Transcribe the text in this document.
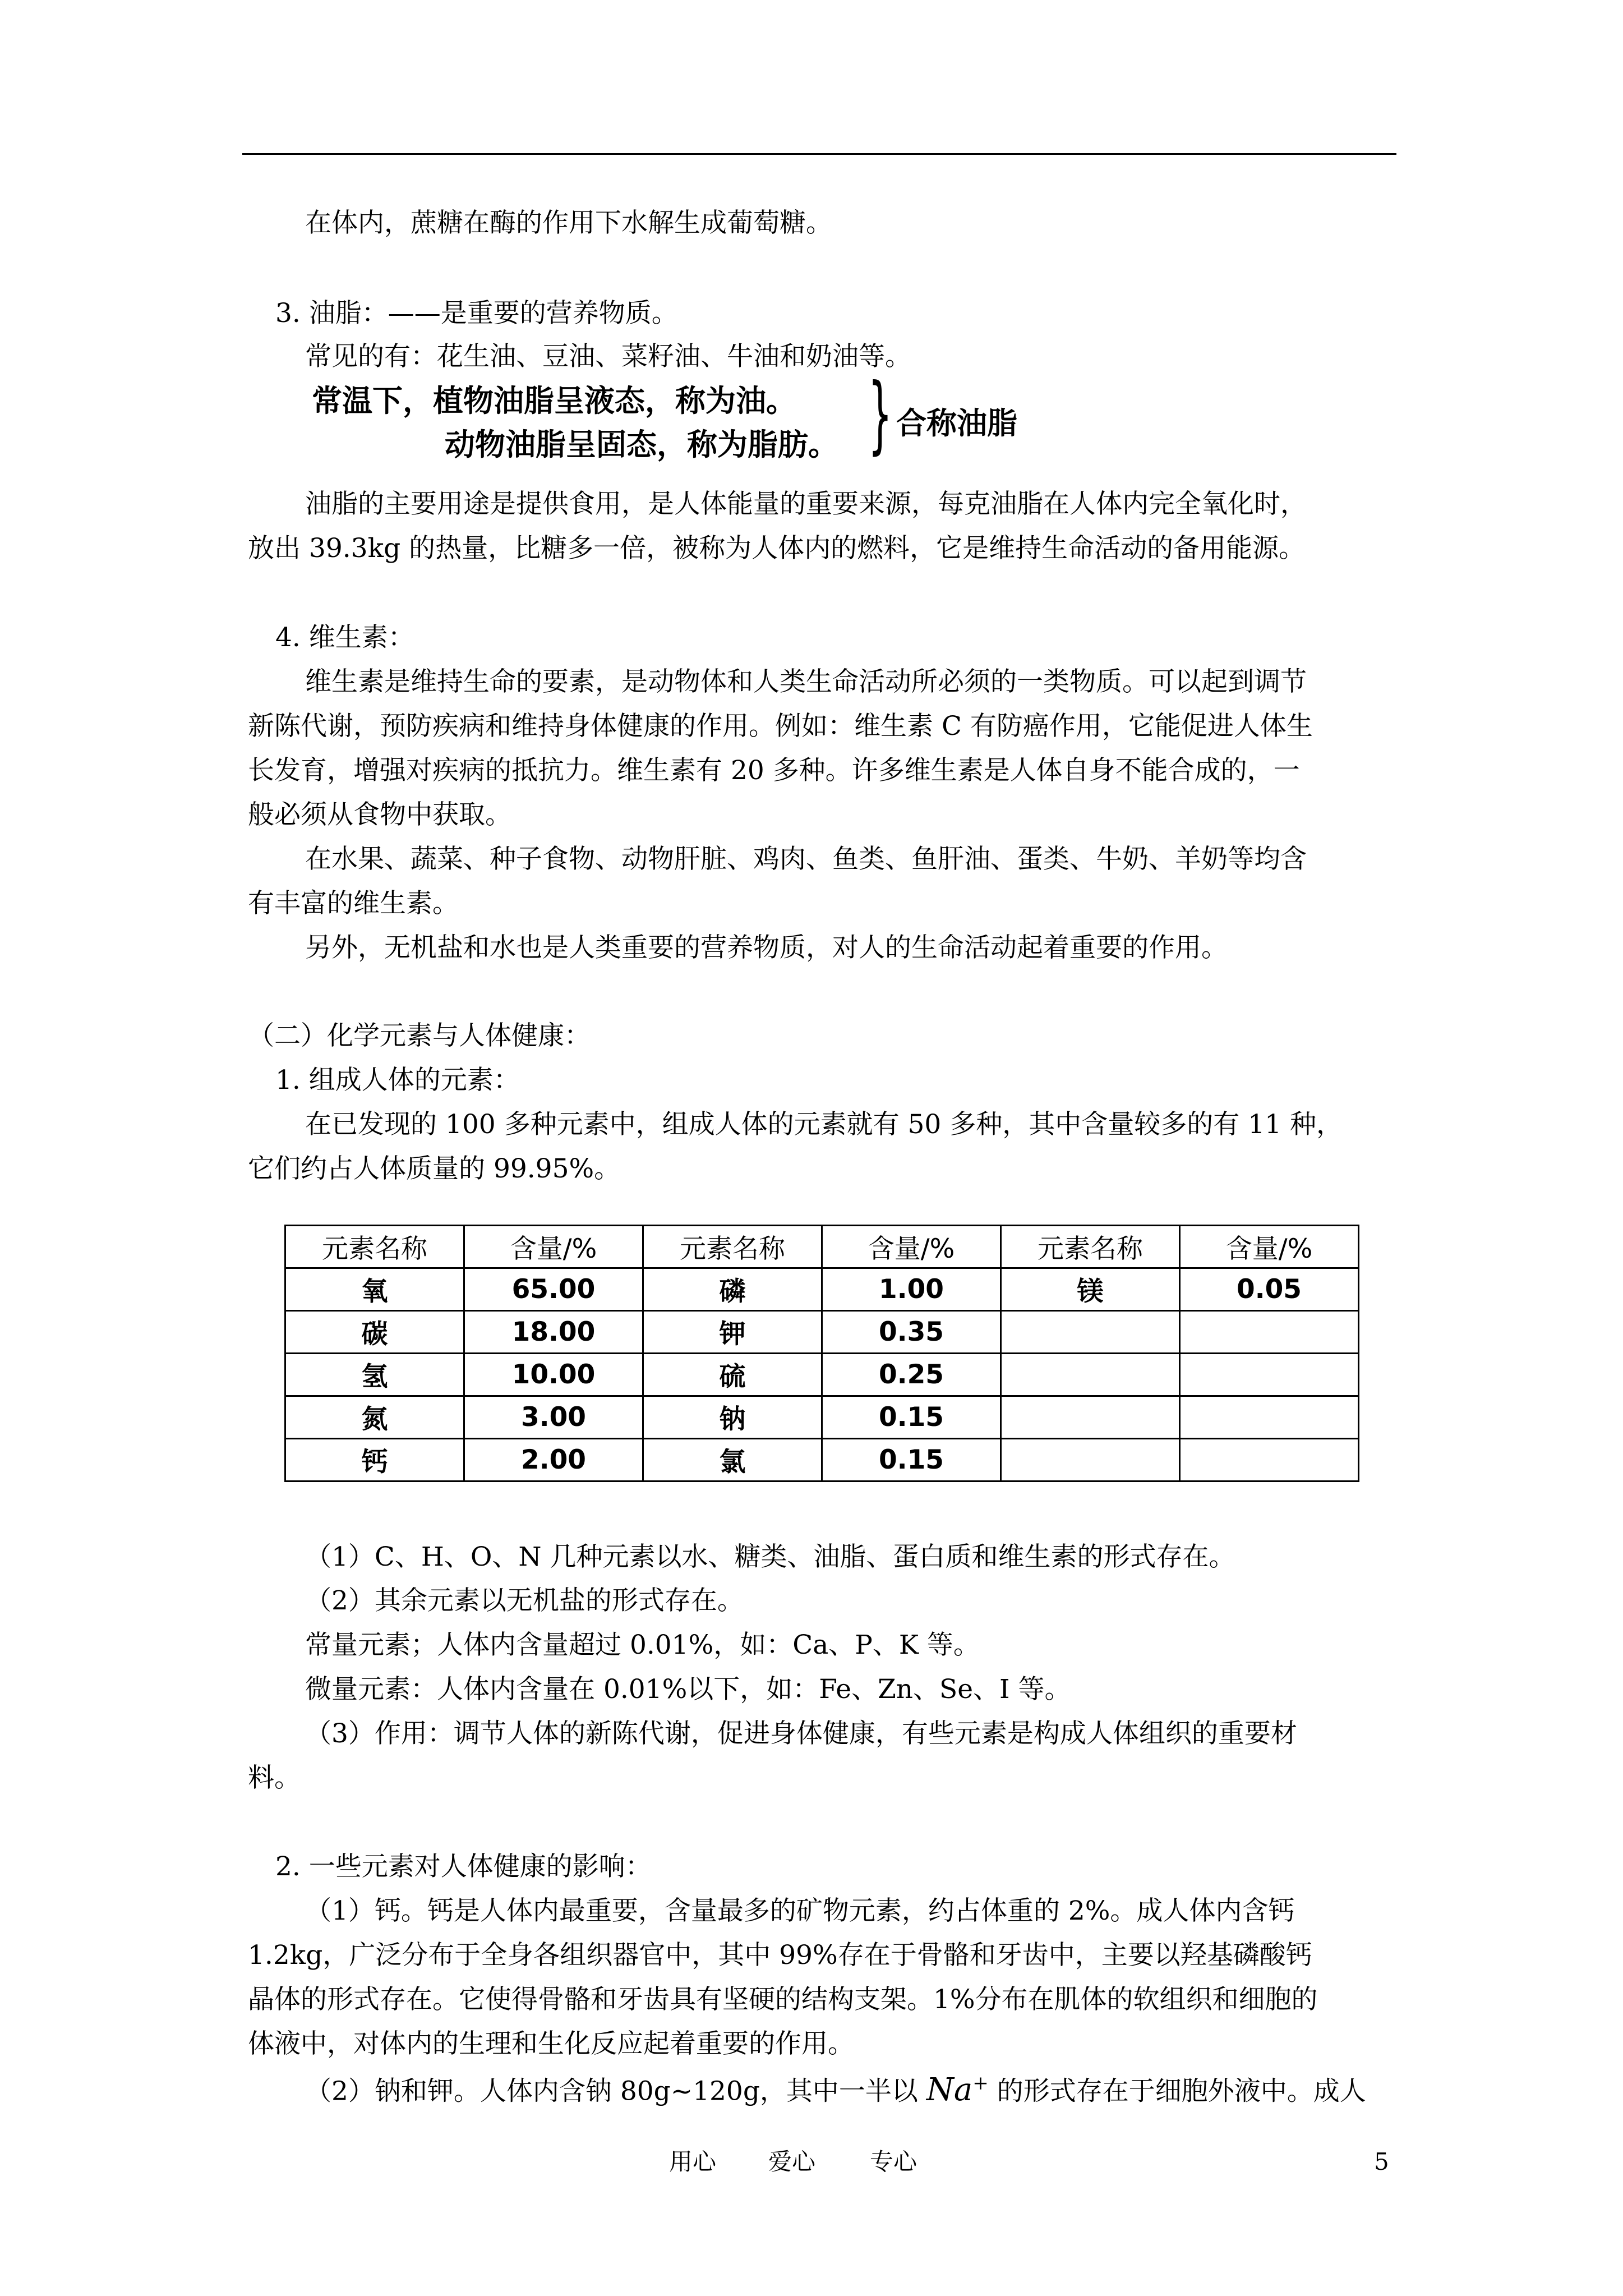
在体内，蔗糖在酶的作用下水解生成葡萄糖。
3. 油脂：——是重要的营养物质。
常见的有：花生油、豆油、菜籽油、牛油和奶油等。
常温下，植物油脂呈液态，称为油。
动物油脂呈固态，称为脂肪。 } 合称油脂
油脂的主要用途是提供食用，是人体能量的重要来源，每克油脂在人体内完全氧化时，
放出 39.3kg 的热量，比糖多一倍，被称为人体内的燃料，它是维持生命活动的备用能源。
4. 维生素：
维生素是维持生命的要素，是动物体和人类生命活动所必须的一类物质。可以起到调节
新陈代谢，预防疾病和维持身体健康的作用。例如：维生素 C 有防癌作用，它能促进人体生
长发育，增强对疾病的抵抗力。维生素有 20 多种。许多维生素是人体自身不能合成的，一
般必须从食物中获取。
在水果、蔬菜、种子食物、动物肝脏、鸡肉、鱼类、鱼肝油、蛋类、牛奶、羊奶等均含
有丰富的维生素。
另外，无机盐和水也是人类重要的营养物质，对人的生命活动起着重要的作用。
（二）化学元素与人体健康：
1. 组成人体的元素：
在已发现的 100 多种元素中，组成人体的元素就有 50 多种，其中含量较多的有 11 种，
它们约占人体质量的 99.95%。
元素名称	含量/%	元素名称	含量/%	元素名称	含量/%
氧	65.00	磷	1.00	镁	0.05
碳	18.00	钾	0.35		
氢	10.00	硫	0.25		
氮	3.00	钠	0.15		
钙	2.00	氯	0.15		
（1）C、H、O、N 几种元素以水、糖类、油脂、蛋白质和维生素的形式存在。
（2）其余元素以无机盐的形式存在。
常量元素；人体内含量超过 0.01%，如：Ca、P、K 等。
微量元素：人体内含量在 0.01%以下，如：Fe、Zn、Se、I 等。
（3）作用：调节人体的新陈代谢，促进身体健康，有些元素是构成人体组织的重要材
料。
2. 一些元素对人体健康的影响：
（1）钙。钙是人体内最重要，含量最多的矿物元素，约占体重的 2%。成人体内含钙
1.2kg，广泛分布于全身各组织器官中，其中 99%存在于骨骼和牙齿中，主要以羟基磷酸钙
晶体的形式存在。它使得骨骼和牙齿具有坚硬的结构支架。1%分布在肌体的软组织和细胞的
体液中，对体内的生理和生化反应起着重要的作用。
（2）钠和钾。人体内含钠 80g~120g，其中一半以 Na+ 的形式存在于细胞外液中。成人
用心 爱心 专心	5
